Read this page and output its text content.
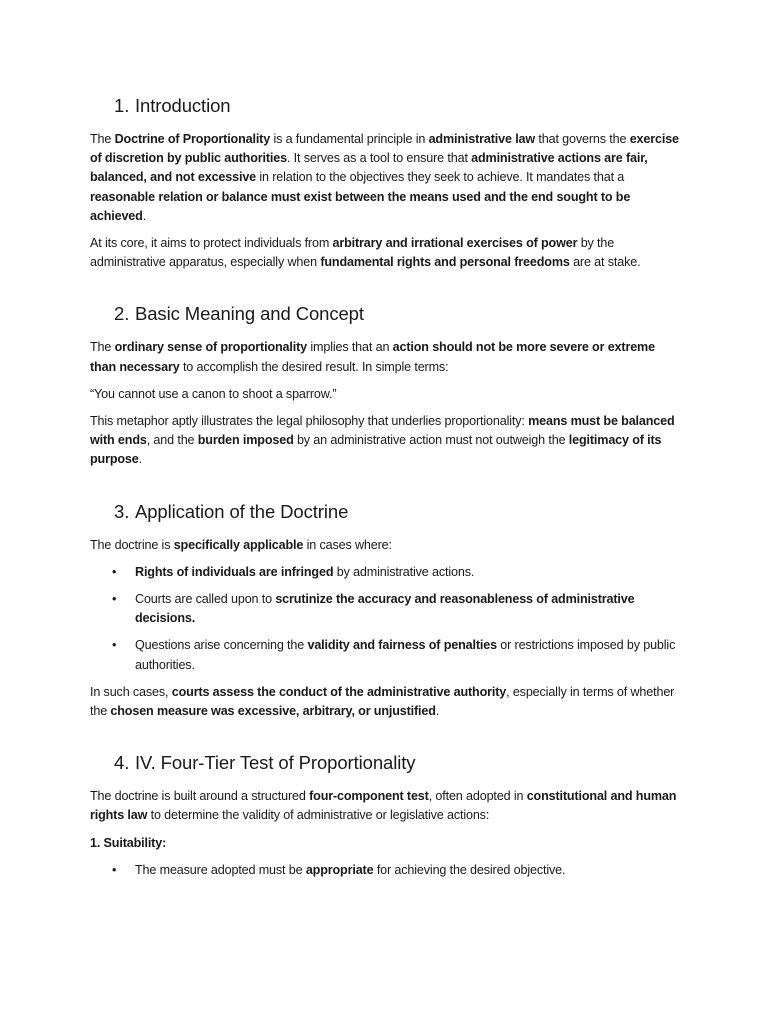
1. Introduction

The Doctrine of Proportionality is a fundamental principle in administrative law that governs the exercise of discretion by public authorities. It serves as a tool to ensure that administrative actions are fair, balanced, and not excessive in relation to the objectives they seek to achieve. It mandates that a reasonable relation or balance must exist between the means used and the end sought to be achieved.

At its core, it aims to protect individuals from arbitrary and irrational exercises of power by the administrative apparatus, especially when fundamental rights and personal freedoms are at stake.

2. Basic Meaning and Concept

The ordinary sense of proportionality implies that an action should not be more severe or extreme than necessary to accomplish the desired result. In simple terms:

“You cannot use a canon to shoot a sparrow.”

This metaphor aptly illustrates the legal philosophy that underlies proportionality: means must be balanced with ends, and the burden imposed by an administrative action must not outweigh the legitimacy of its purpose.

3. Application of the Doctrine

The doctrine is specifically applicable in cases where:

• Rights of individuals are infringed by administrative actions.
• Courts are called upon to scrutinize the accuracy and reasonableness of administrative decisions.
• Questions arise concerning the validity and fairness of penalties or restrictions imposed by public authorities.

In such cases, courts assess the conduct of the administrative authority, especially in terms of whether the chosen measure was excessive, arbitrary, or unjustified.

4. IV. Four-Tier Test of Proportionality

The doctrine is built around a structured four-component test, often adopted in constitutional and human rights law to determine the validity of administrative or legislative actions:

1. Suitability:

• The measure adopted must be appropriate for achieving the desired objective.
